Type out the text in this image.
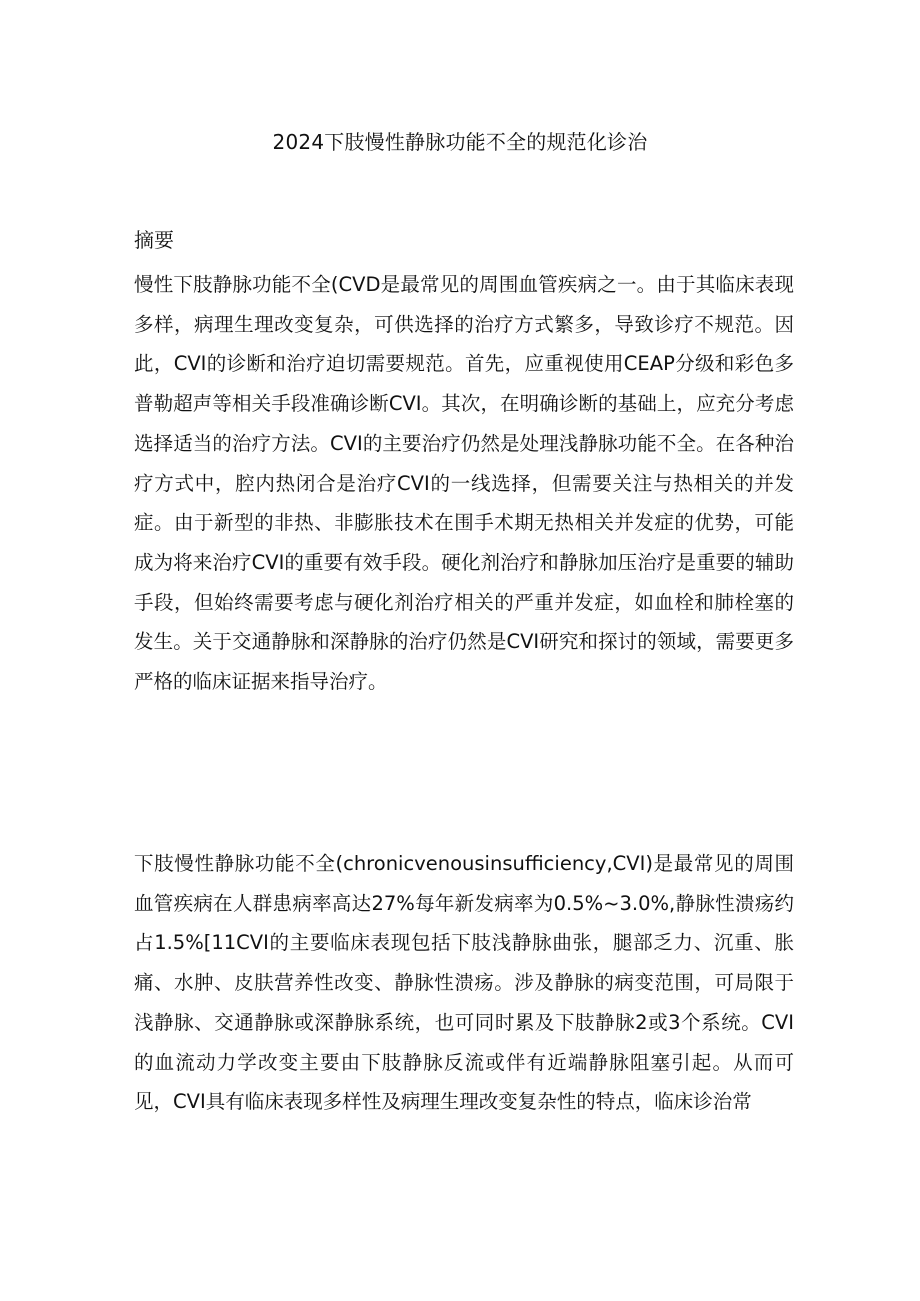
2024下肢慢性静脉功能不全的规范化诊治
摘要

慢性下肢静脉功能不全(CVD是最常见的周围血管疾病之一。由于其临床表现多样，病理生理改变复杂，可供选择的治疗方式繁多，导致诊疗不规范。因此，CVI的诊断和治疗迫切需要规范。首先，应重视使用CEAP分级和彩色多普勒超声等相关手段准确诊断CVI。其次，在明确诊断的基础上，应充分考虑选择适当的治疗方法。CVI的主要治疗仍然是处理浅静脉功能不全。在各种治疗方式中，腔内热闭合是治疗CVI的一线选择，但需要关注与热相关的并发症。由于新型的非热、非膨胀技术在围手术期无热相关并发症的优势，可能成为将来治疗CVI的重要有效手段。硬化剂治疗和静脉加压治疗是重要的辅助手段，但始终需要考虑与硬化剂治疗相关的严重并发症，如血栓和肺栓塞的发生。关于交通静脉和深静脉的治疗仍然是CVI研究和探讨的领域，需要更多严格的临床证据来指导治疗。

下肢慢性静脉功能不全(chronicvenousinsufficiency,CVI)是最常见的周围血管疾病在人群患病率高达27%每年新发病率为0.5%~3.0%,静脉性溃疡约占1.5%[11CVI的主要临床表现包括下肢浅静脉曲张，腿部乏力、沉重、胀痛、水肿、皮肤营养性改变、静脉性溃疡。涉及静脉的病变范围，可局限于浅静脉、交通静脉或深静脉系统，也可同时累及下肢静脉2或3个系统。CVI的血流动力学改变主要由下肢静脉反流或伴有近端静脉阻塞引起。从而可见，CVI具有临床表现多样性及病理生理改变复杂性的特点，临床诊治常
